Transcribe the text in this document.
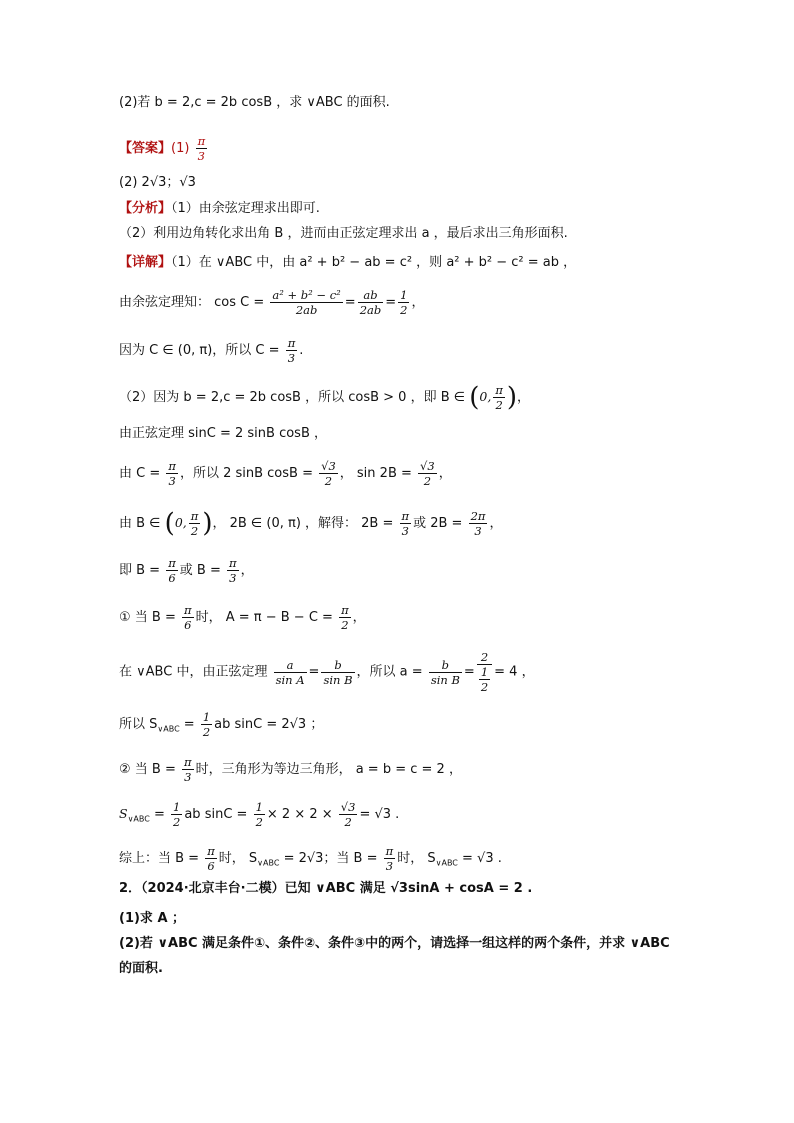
(2)若 b = 2,c = 2b cosB ，求 ∨ABC 的面积.
【答案】$(1) \frac{\pi}{3}$
(2) 2√3；√3
【分析】（1）由余弦定理求出即可.
（2）利用边角转化求出角 B ，进而由正弦定理求出 a ，最后求出三角形面积.
【详解】（1）在 ∨ABC 中，由 a² + b² − ab = c² ，则 a² + b² − c² = ab ，
由余弦定理知： $\cos C = \frac{\text{a² + b² − c²}}{2ab} = \frac{ab}{2ab} = \frac{1}{2}$ ，
因为 C ∈ (0, π)，所以 $C = \frac{\pi}{3}$ .
（2）因为 b = 2,c = 2b cosB ，所以 cosB > 0 ，即 B ∈ (0, $\frac{\pi}{2}$ )，
由正弦定理 sinC = 2 sinB cosB ，
由 $C = \frac{\pi}{3}$ ，所以 2 sinB $\cos B = \frac{√3}{2}$ ， $\sin 2B = \frac{√3}{2}$ ，
由 B ∈ (0, $\frac{\pi}{2}$ )， 2B ∈ (0, π) ，解得： $2B = \frac{\pi}{3}$ 或 $2B = \frac{2\pi}{3}$ ，
即 $B = \frac{\pi}{6}$ 或 $B = \frac{\pi}{3}$ ，
① 当 $B = \frac{\pi}{6}$ 时， $A = \pi - B - C = \frac{\pi}{2}$ ，
在 ∨ABC 中，由正弦定理 $\frac{a}{\text{sin A}} = \frac{b}{\text{sin B}}$ ，所以 $a = \frac{b}{\text{sin B}} = \frac{2}{\frac{1}{2}} = 4$ ，
所以 $S_{\vee ABC} = \frac{1}{2}$ ab sinC = 2√3 ；
② 当 $B = \frac{\pi}{3}$ 时，三角形为等边三角形， a = b = c = 2 ，
$S_{\vee ABC} = \frac{1}{2}$ ab $\sin C = \frac{1}{2} \times 2 \times 2 \times \frac{√3}{2} = √3$ .
综上：当 $B = \frac{\pi}{6}$ 时， $S_{\vee ABC} = 2√3$；当 $B = \frac{\pi}{3}$ 时， $S_{\vee ABC} = √3$ .
2．（2024·北京丰台·二模）已知 ∨ABC 满足 √3sinA + cosA = 2 .
(1)求 A ；
(2)若 ∨ABC 满足条件①、条件②、条件③中的两个，请选择一组这样的两个条件，并求 ∨ABC
的面积.
